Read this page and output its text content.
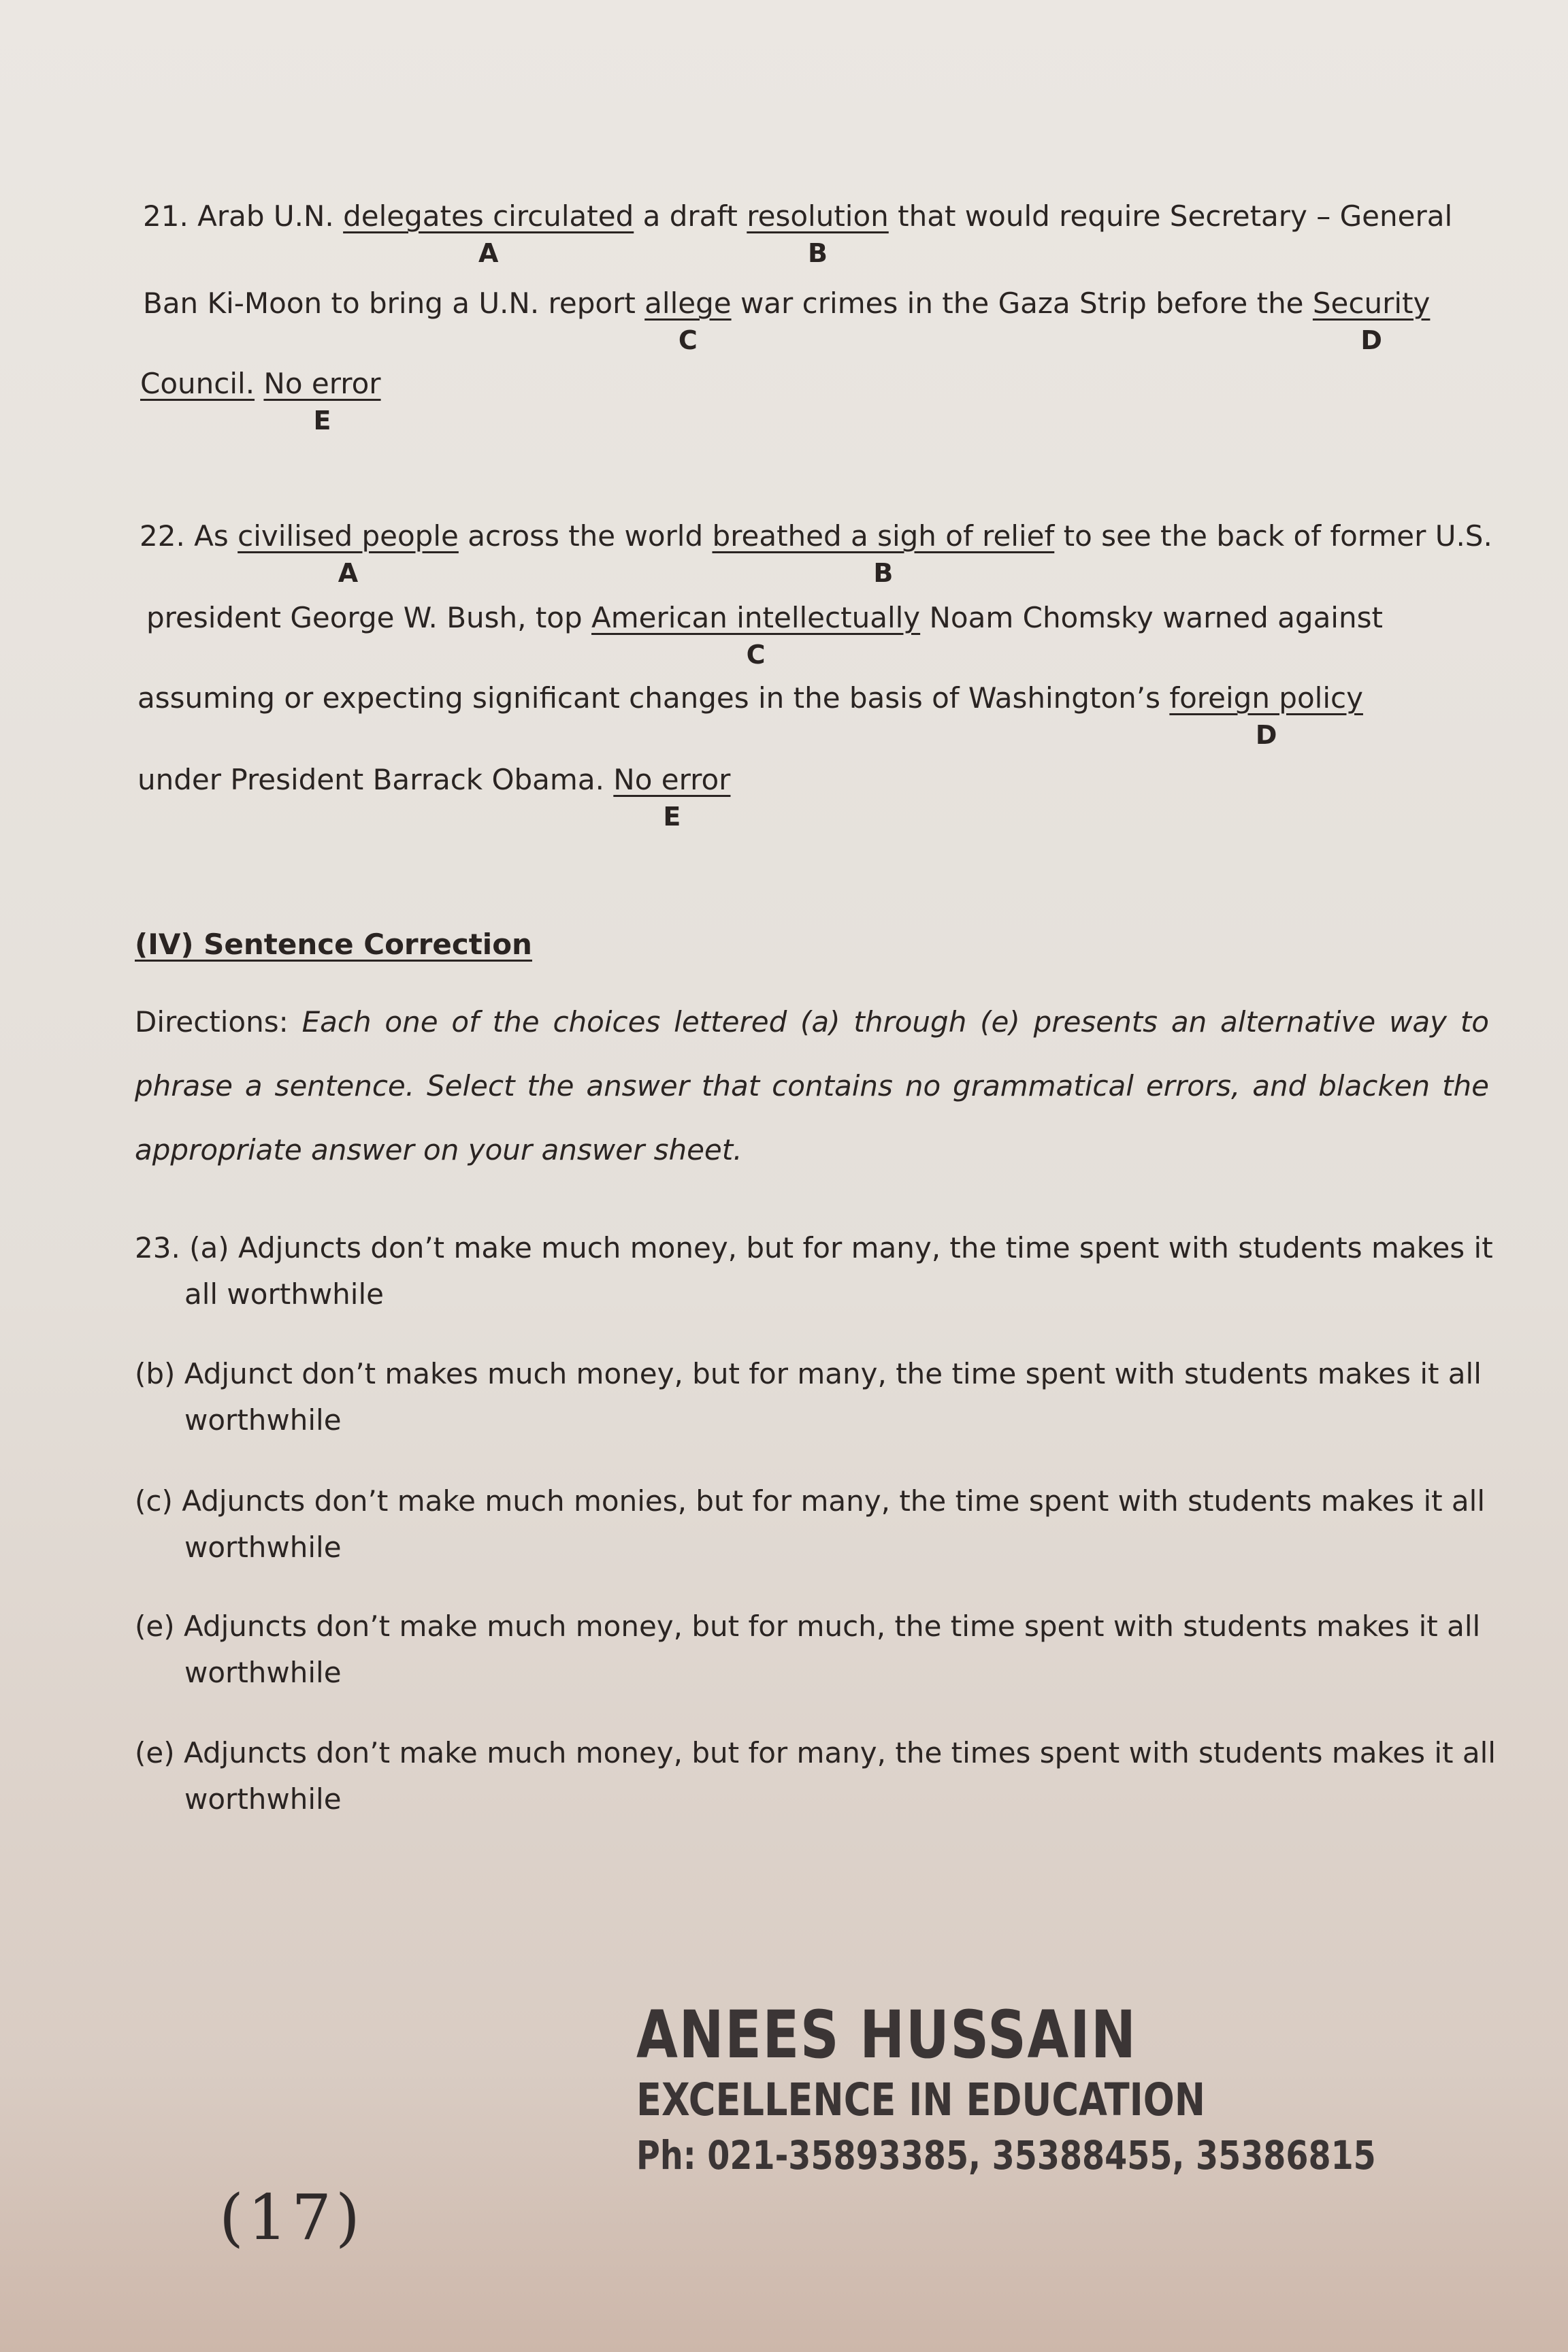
21. Arab U.N. delegates circulated
A
a draft resolution
B
that would require Secretary – General
Ban Ki-Moon to bring a U.N. report allege
C
war crimes in the Gaza Strip before the Security
D
Council. No error
E
22. As civilised people
A
across the world breathed a sigh of relief
B
to see the back of former U.S.
president George W. Bush, top American intellectually
C
Noam Chomsky warned against
assuming or expecting significant changes in the basis of Washington’s foreign policy
D
under President Barrack Obama. No error
E
(IV) Sentence Correction
Directions: Each one of the choices lettered (a) through (e) presents an alternative way to phrase a sentence. Select the answer that contains no grammatical errors, and blacken the appropriate answer on your answer sheet.
23. (a) Adjuncts don’t make much money, but for many, the time spent with students makes it
all worthwhile
(b) Adjunct don’t makes much money, but for many, the time spent with students makes it all
worthwhile
(c) Adjuncts don’t make much monies, but for many, the time spent with students makes it all
worthwhile
(e) Adjuncts don’t make much money, but for much, the time spent with students makes it all
worthwhile
(e) Adjuncts don’t make much money, but for many, the times spent with students makes it all
worthwhile
ANEES HUSSAIN
EXCELLENCE IN EDUCATION
Ph: 021-35893385, 35388455, 35386815
(17)
